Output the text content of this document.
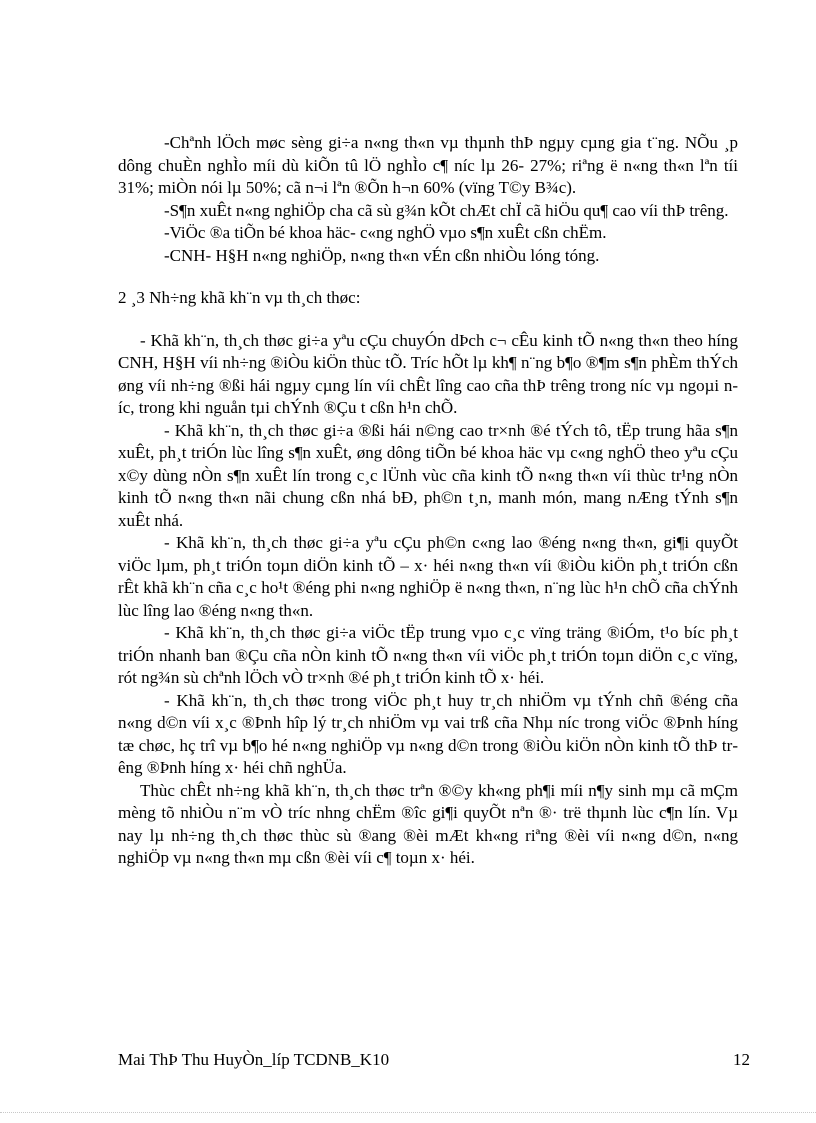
-Chªnh lÖch møc sèng gi÷a n«ng th«n vµ thµnh thÞ ngµy cµng gia t¨ng. NÕu ¸p dông chuÈn nghÌo míi dù kiÕn tû lÖ nghÌo c¶ níc lµ 26- 27%; riªng ë n«ng th«n lªn tíi 31%; miÒn nói lµ 50%; cã n¬i lªn ®Õn h¬n 60% (vïng T©y B¾c).

-S¶n xuÊt n«ng nghiÖp cha cã sù g¾n kÕt chÆt chÏ cã hiÖu qu¶ cao víi thÞ trêng.

-ViÖc ®a tiÕn bé khoa häc- c«ng nghÖ vµo s¶n xuÊt cßn chËm.

-CNH- H§H n«ng nghiÖp, n«ng th«n vÉn cßn nhiÒu lóng tóng.

2 ¸3 Nh÷ng khã kh¨n vµ th¸ch thøc:

- Khã kh¨n, th¸ch thøc gi÷a yªu cÇu chuyÓn dÞch c¬ cÊu kinh tÕ n«ng th«n theo híng CNH, H§H víi nh÷ng ®iÒu kiÖn thùc tÕ. Tríc hÕt lµ kh¶ n¨ng b¶o ®¶m s¶n phÈm thÝch øng víi nh÷ng ®ßi hái ngµy cµng lín víi chÊt lîng cao cña thÞ trêng trong níc vµ ngoµi níc, trong khi nguån tµi chÝnh ®Çu t cßn h¹n chÕ.

- Khã kh¨n, th¸ch thøc gi÷a ®ßi hái n©ng cao tr×nh ®é tÝch tô, tËp trung hãa s¶n xuÊt, ph¸t triÓn lùc lîng s¶n xuÊt, øng dông tiÕn bé khoa häc vµ c«ng nghÖ theo yªu cÇu x©y dùng nÒn s¶n xuÊt lín trong c¸c lÜnh vùc cña kinh tÕ n«ng th«n víi thùc tr¹ng nÒn kinh tÕ n«ng th«n nãi chung cßn nhá bÐ, ph©n t¸n, manh món, mang nÆng tÝnh s¶n xuÊt nhá.

- Khã kh¨n, th¸ch thøc gi÷a yªu cÇu ph©n c«ng lao ®éng n«ng th«n, gi¶i quyÕt viÖc lµm, ph¸t triÓn toµn diÖn kinh tÕ – x· héi n«ng th«n víi ®iÒu kiÖn ph¸t triÓn cßn rÊt khã kh¨n cña c¸c ho¹t ®éng phi n«ng nghiÖp ë n«ng th«n, n¨ng lùc h¹n chÕ cña chÝnh lùc lîng lao ®éng n«ng th«n.

- Khã kh¨n, th¸ch thøc gi÷a viÖc tËp trung vµo c¸c vïng träng ®iÓm, t¹o bíc ph¸t triÓn nhanh ban ®Çu cña nÒn kinh tÕ n«ng th«n víi viÖc ph¸t triÓn toµn diÖn c¸c vïng, rót ng¾n sù chªnh lÖch vÒ tr×nh ®é ph¸t triÓn kinh tÕ x· héi.

- Khã kh¨n, th¸ch thøc trong viÖc ph¸t huy tr¸ch nhiÖm vµ tÝnh chñ ®éng cña n«ng d©n víi x¸c ®Þnh hîp lý tr¸ch nhiÖm vµ vai trß cña Nhµ níc trong viÖc ®Þnh híng tæ chøc, hç trî vµ b¶o hé n«ng nghiÖp vµ n«ng d©n trong ®iÒu kiÖn nÒn kinh tÕ thÞ trêng ®Þnh híng x· héi chñ nghÜa.

Thùc chÊt nh÷ng khã kh¨n, th¸ch thøc trªn ®©y kh«ng ph¶i míi n¶y sinh mµ cã mÇm mèng tõ nhiÒu n¨m vÒ tríc nhng chËm ®îc gi¶i quyÕt nªn ®· trë thµnh lùc c¶n lín. Vµ nay lµ nh÷ng th¸ch thøc thùc sù ®ang ®èi mÆt kh«ng riªng ®èi víi n«ng d©n, n«ng nghiÖp vµ n«ng th«n mµ cßn ®èi víi c¶ toµn x· héi.

Mai ThÞ Thu HuyÒn_líp TCDNB_K10	12
